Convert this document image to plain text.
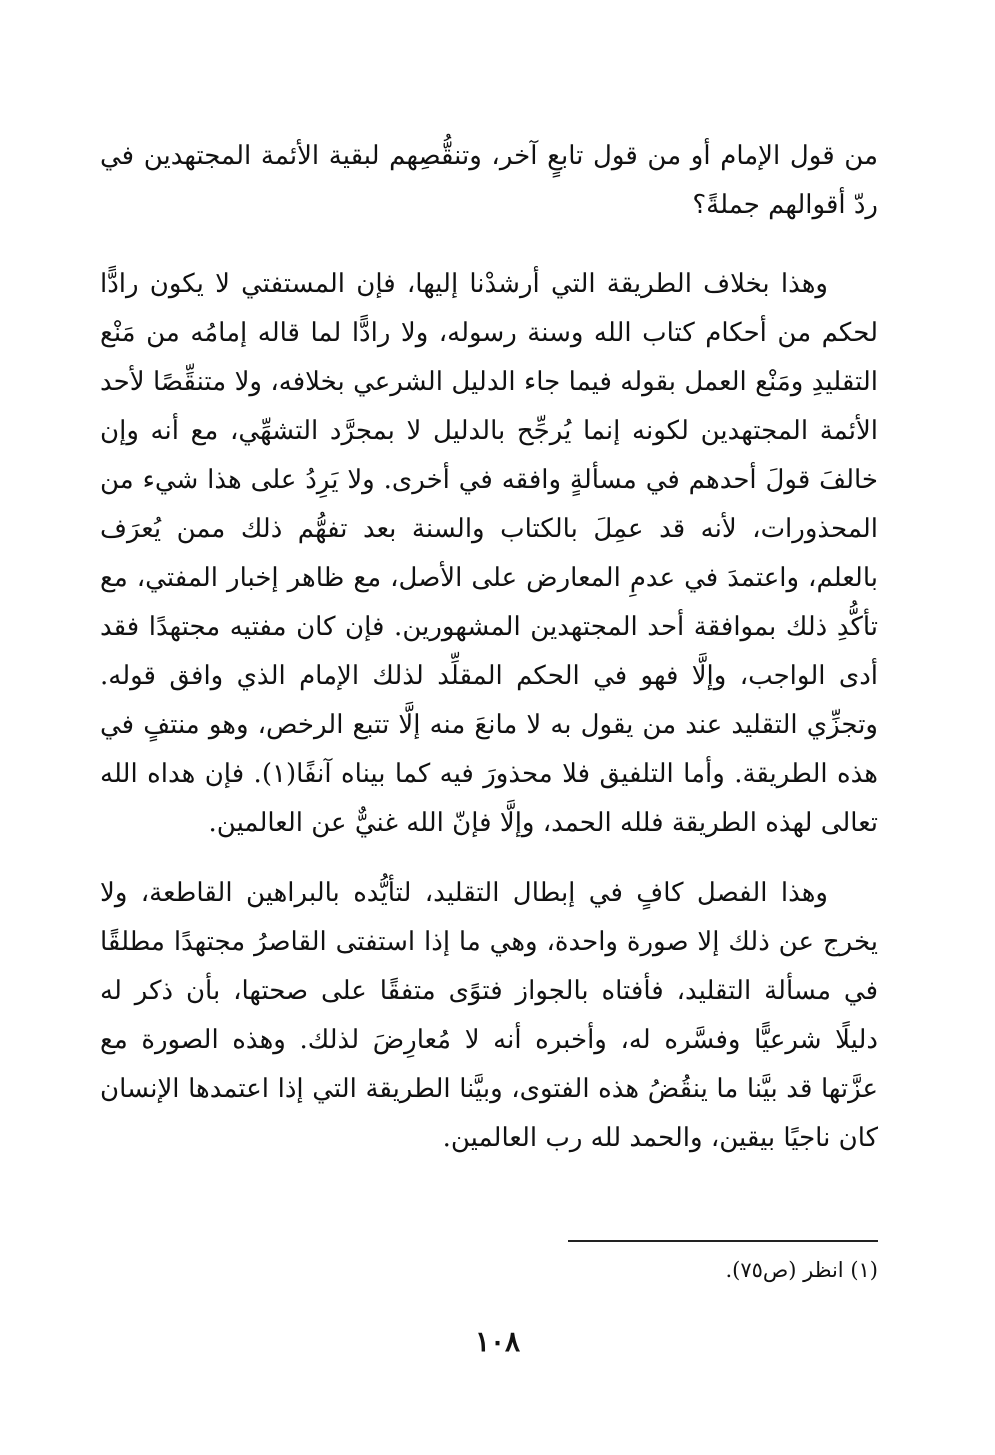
من قول الإمام أو من قول تابعٍ آخر، وتنقُّصِهم لبقية الأئمة المجتهدين في ردّ أقوالهم جملةً؟

وهذا بخلاف الطريقة التي أرشدْنا إليها، فإن المستفتي لا يكون رادًّا لحكم من أحكام كتاب الله وسنة رسوله، ولا رادًّا لما قاله إمامُه من مَنْع التقليدِ ومَنْع العمل بقوله فيما جاء الدليل الشرعي بخلافه، ولا متنقِّصًا لأحد الأئمة المجتهدين لكونه إنما يُرجِّح بالدليل لا بمجرَّد التشهِّي، مع أنه وإن خالفَ قولَ أحدهم في مسألةٍ وافقه في أخرى. ولا يَرِدُ على هذا شيء من المحذورات، لأنه قد عمِلَ بالكتاب والسنة بعد تفهُّم ذلك ممن يُعرَف بالعلم، واعتمدَ في عدمِ المعارض على الأصل، مع ظاهر إخبار المفتي، مع تأكُّدِ ذلك بموافقة أحد المجتهدين المشهورين. فإن كان مفتيه مجتهدًا فقد أدى الواجب، وإلَّا فهو في الحكم المقلِّد لذلك الإمام الذي وافق قوله. وتجزِّي التقليد عند من يقول به لا مانعَ منه إلَّا تتبع الرخص، وهو منتفٍ في هذه الطريقة. وأما التلفيق فلا محذورَ فيه كما بيناه آنفًا(١). فإن هداه الله تعالى لهذه الطريقة فلله الحمد، وإلَّا فإنّ الله غنيٌّ عن العالمين.

وهذا الفصل كافٍ في إبطال التقليد، لتأيُّده بالبراهين القاطعة، ولا يخرج عن ذلك إلا صورة واحدة، وهي ما إذا استفتى القاصرُ مجتهدًا مطلقًا في مسألة التقليد، فأفتاه بالجواز فتوًى متفقًا على صحتها، بأن ذكر له دليلًا شرعيًّا وفسَّره له، وأخبره أنه لا مُعارِضَ لذلك. وهذه الصورة مع عزَّتها قد بيَّنا ما ينقُضُ هذه الفتوى، وبيَّنا الطريقة التي إذا اعتمدها الإنسان كان ناجيًا بيقين، والحمد لله رب العالمين.

(١) انظر (ص٧٥).
١٠٨
